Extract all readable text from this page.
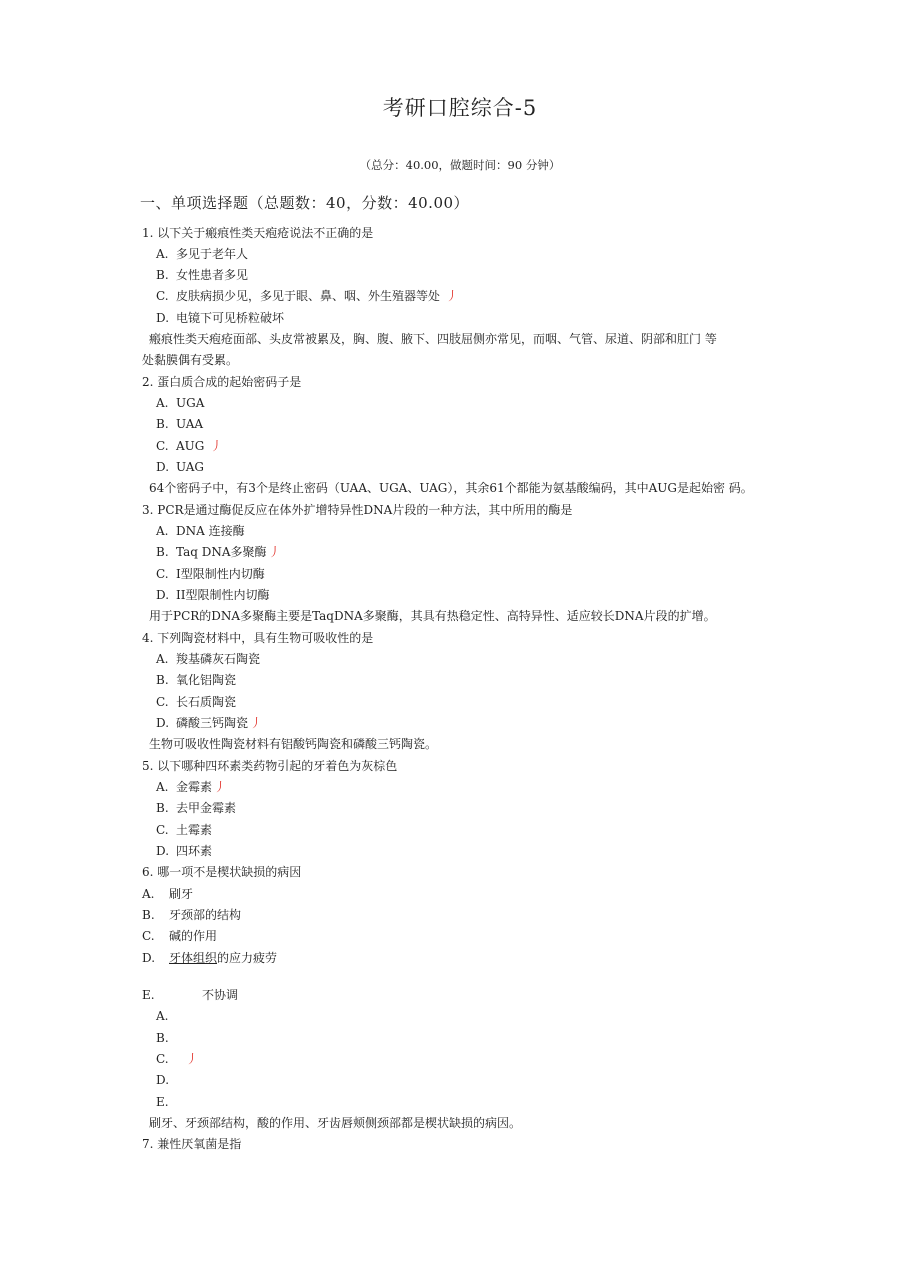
考研口腔综合-5
（总分：40.00，做题时间：90 分钟）
一、单项选择题（总题数：40，分数：40.00）
1. 以下关于瘢痕性类天疱疮说法不正确的是
A. 多见于老年人
B. 女性患者多见
C. 皮肤病损少见，多见于眼、鼻、咽、外生殖器等处 丿
D. 电镜下可见桥粒破坏
瘢痕性类天疱疮面部、头皮常被累及，胸、腹、腋下、四肢屈侧亦常见，而咽、气管、尿道、阴部和肛门 等
处黏膜偶有受累。
2. 蛋白质合成的起始密码子是
A. UGA
B. UAA
C. AUG 丿
D. UAG
64个密码子中，有3个是终止密码（UAA、UGA、UAG），其余61个都能为氨基酸编码，其中AUG是起始密 码。
3. PCR是通过酶促反应在体外扩增特异性DNA片段的一种方法，其中所用的酶是
A. DNA 连接酶
B. Taq DNA多聚酶 丿
C. I型限制性内切酶
D. II型限制性内切酶
用于PCR的DNA多聚酶主要是TaqDNA多聚酶，其具有热稳定性、高特异性、适应较长DNA片段的扩增。
4. 下列陶瓷材料中，具有生物可吸收性的是
A. 羧基磷灰石陶瓷
B. 氧化铝陶瓷
C. 长石质陶瓷
D. 磷酸三钙陶瓷 丿
生物可吸收性陶瓷材料有铝酸钙陶瓷和磷酸三钙陶瓷。
5. 以下哪种四环素类药物引起的牙着色为灰棕色
A. 金霉素 丿
B. 去甲金霉素
C. 土霉素
D. 四环素
6. 哪一项不是楔状缺损的病因
A. 刷牙
B. 牙颈部的结构
C. 碱的作用
D. 牙体组织的应力疲劳
E.	不协调
A.
B.
C. 丿
D.
E.
刷牙、牙颈部结构，酸的作用、牙齿唇颊侧颈部都是楔状缺损的病因。
7. 兼性厌氧菌是指
